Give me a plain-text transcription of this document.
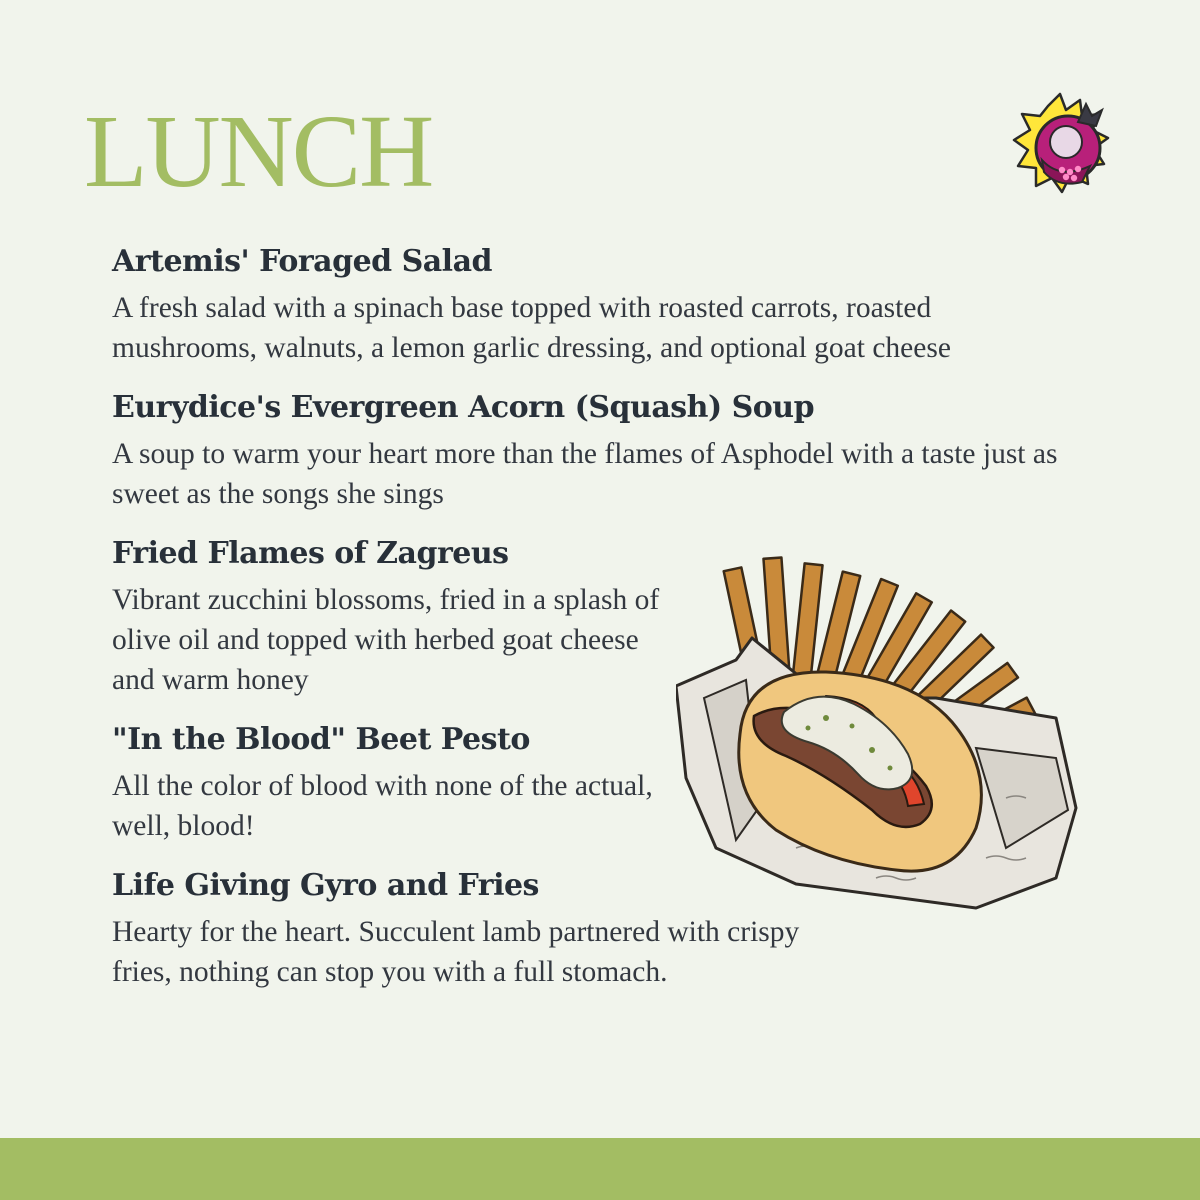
LUNCH

Artemis' Foraged Salad

A fresh salad with a spinach base topped with roasted carrots, roasted mushrooms, walnuts, a lemon garlic dressing, and optional goat cheese

Eurydice's Evergreen Acorn (Squash) Soup

A soup to warm your heart more than the flames of Asphodel with a taste just as sweet as the songs she sings

Fried Flames of Zagreus

Vibrant zucchini blossoms, fried in a splash of olive oil and topped with herbed goat cheese and warm honey

"In the Blood" Beet Pesto

All the color of blood with none of the actual, well, blood!

Life Giving Gyro and Fries

Hearty for the heart. Succulent lamb partnered with crispy fries, nothing can stop you with a full stomach.
